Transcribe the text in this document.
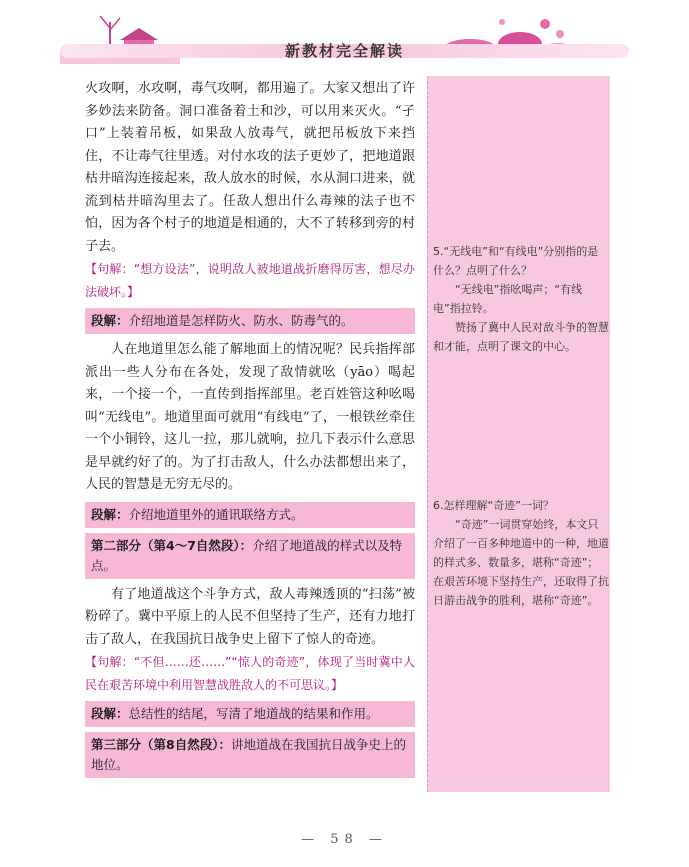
新教材完全解读

火攻啊，水攻啊，毒气攻啊，都用遍了。大家又想出了许多妙法来防备。洞口准备着土和沙，可以用来灭火。“孑口”上装着吊板，如果敌人放毒气，就把吊板放下来挡住，不让毒气往里透。对付水攻的法子更妙了，把地道跟枯井暗沟连接起来，敌人放水的时候，水从洞口进来，就流到枯井暗沟里去了。任敌人想出什么毒辣的法子也不怕，因为各个村子的地道是相通的，大不了转移到旁的村子去。

【句解：“想方设法”，说明敌人被地道战折磨得厉害，想尽办法破坏。】

段解：介绍地道是怎样防火、防水、防毒气的。

人在地道里怎么能了解地面上的情况呢？民兵指挥部派出一些人分布在各处，发现了敌情就吆（yāo）喝起来，一个接一个，一直传到指挥部里。老百姓管这种吆喝叫“无线电”。地道里面可就用“有线电”了，一根铁丝牵住一个小铜铃，这儿一拉，那儿就响，拉几下表示什么意思是早就约好了的。为了打击敌人，什么办法都想出来了，人民的智慧是无穷无尽的。

段解：介绍地道里外的通讯联络方式。
第二部分（第4～7自然段）：介绍了地道战的样式以及特点。

有了地道战这个斗争方式，敌人毒辣透顶的“扫荡”被粉碎了。冀中平原上的人民不但坚持了生产，还有力地打击了敌人，在我国抗日战争史上留下了惊人的奇迹。

【句解：“不但……还……”“惊人的奇迹”，体现了当时冀中人民在艰苦环境中利用智慧战胜敌人的不可思议。】

段解：总结性的结尾，写清了地道战的结果和作用。
第三部分（第8自然段）：讲地道战在我国抗日战争史上的地位。

5.“无线电”和“有线电”分别指的是什么？点明了什么？

“无线电”指吆喝声；“有线电”指拉铃。

赞扬了冀中人民对敌斗争的智慧和才能，点明了课文的中心。

6.怎样理解“奇迹”一词？

“奇迹”一词贯穿始终，本文只介绍了一百多种地道中的一种，地道的样式多、数量多，堪称“奇迹”；在艰苦环境下坚持生产，还取得了抗日游击战争的胜利，堪称“奇迹”。

— 58 —
